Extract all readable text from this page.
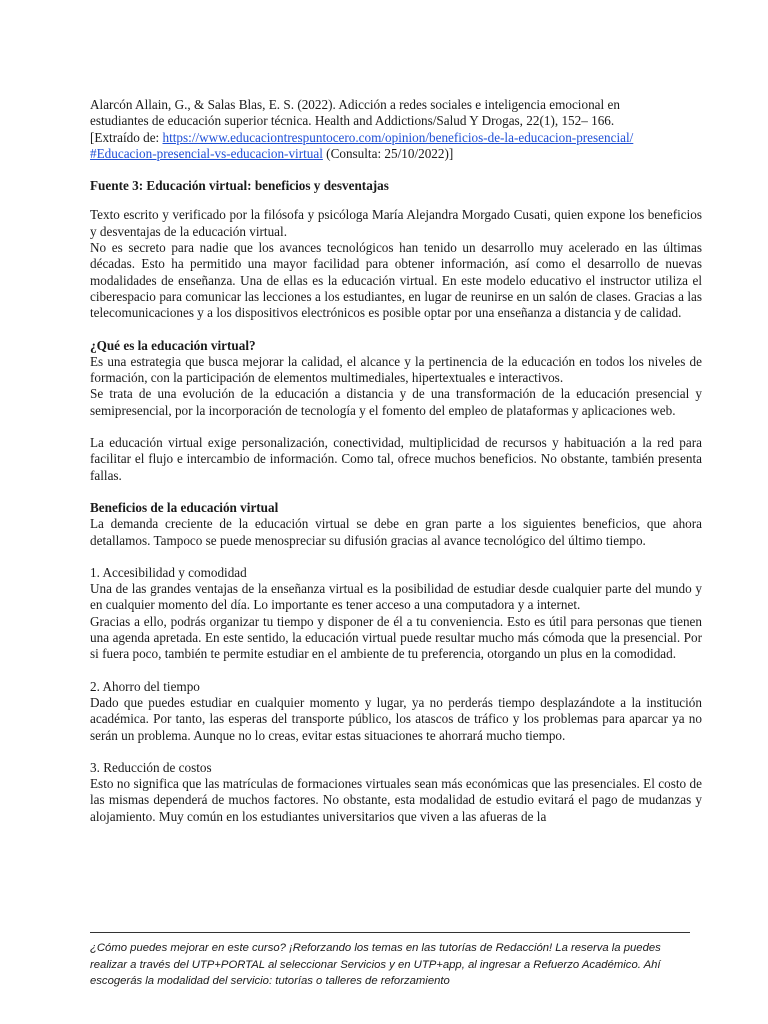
Alarcón Allain, G., & Salas Blas, E. S. (2022). Adicción a redes sociales e inteligencia emocional en

estudiantes de educación superior técnica. Health and Addictions/Salud Y Drogas, 22(1), 152– 166.

[Extraído de: https://www.educaciontrespuntocero.com/opinion/beneficios-de-la-educacion-presencial/

#Educacion-presencial-vs-educacion-virtual (Consulta: 25/10/2022)]

Fuente 3: Educación virtual: beneficios y desventajas

Texto escrito y verificado por la filósofa y psicóloga María Alejandra Morgado Cusati, quien expone los beneficios y desventajas de la educación virtual.

No es secreto para nadie que los avances tecnológicos han tenido un desarrollo muy acelerado en las últimas décadas. Esto ha permitido una mayor facilidad para obtener información, así como el desarrollo de nuevas modalidades de enseñanza. Una de ellas es la educación virtual. En este modelo educativo el instructor utiliza el ciberespacio para comunicar las lecciones a los estudiantes, en lugar de reunirse en un salón de clases. Gracias a las telecomunicaciones y a los dispositivos electrónicos es posible optar por una enseñanza a distancia y de calidad.

¿Qué es la educación virtual?

Es una estrategia que busca mejorar la calidad, el alcance y la pertinencia de la educación en todos los niveles de formación, con la participación de elementos multimediales, hipertextuales e interactivos.

Se trata de una evolución de la educación a distancia y de una transformación de la educación presencial y semipresencial, por la incorporación de tecnología y el fomento del empleo de plataformas y aplicaciones web.

La educación virtual exige personalización, conectividad, multiplicidad de recursos y habituación a la red para facilitar el flujo e intercambio de información. Como tal, ofrece muchos beneficios. No obstante, también presenta fallas.

Beneficios de la educación virtual

La demanda creciente de la educación virtual se debe en gran parte a los siguientes beneficios, que ahora detallamos. Tampoco se puede menospreciar su difusión gracias al avance tecnológico del último tiempo.

1. Accesibilidad y comodidad

Una de las grandes ventajas de la enseñanza virtual es la posibilidad de estudiar desde cualquier parte del mundo y en cualquier momento del día. Lo importante es tener acceso a una computadora y a internet.

Gracias a ello, podrás organizar tu tiempo y disponer de él a tu conveniencia. Esto es útil para personas que tienen una agenda apretada. En este sentido, la educación virtual puede resultar mucho más cómoda que la presencial. Por si fuera poco, también te permite estudiar en el ambiente de tu preferencia, otorgando un plus en la comodidad.

2. Ahorro del tiempo

Dado que puedes estudiar en cualquier momento y lugar, ya no perderás tiempo desplazándote a la institución académica. Por tanto, las esperas del transporte público, los atascos de tráfico y los problemas para aparcar ya no serán un problema. Aunque no lo creas, evitar estas situaciones te ahorrará mucho tiempo.

3. Reducción de costos

Esto no significa que las matrículas de formaciones virtuales sean más económicas que las presenciales. El costo de las mismas dependerá de muchos factores. No obstante, esta modalidad de estudio evitará el pago de mudanzas y alojamiento. Muy común en los estudiantes universitarios que viven a las afueras de la

¿Cómo puedes mejorar en este curso? ¡Reforzando los temas en las tutorías de Redacción! La reserva la puedes realizar a través del UTP+PORTAL al seleccionar Servicios y en UTP+app, al ingresar a Refuerzo Académico. Ahí escogerás la modalidad del servicio: tutorías o talleres de reforzamiento
